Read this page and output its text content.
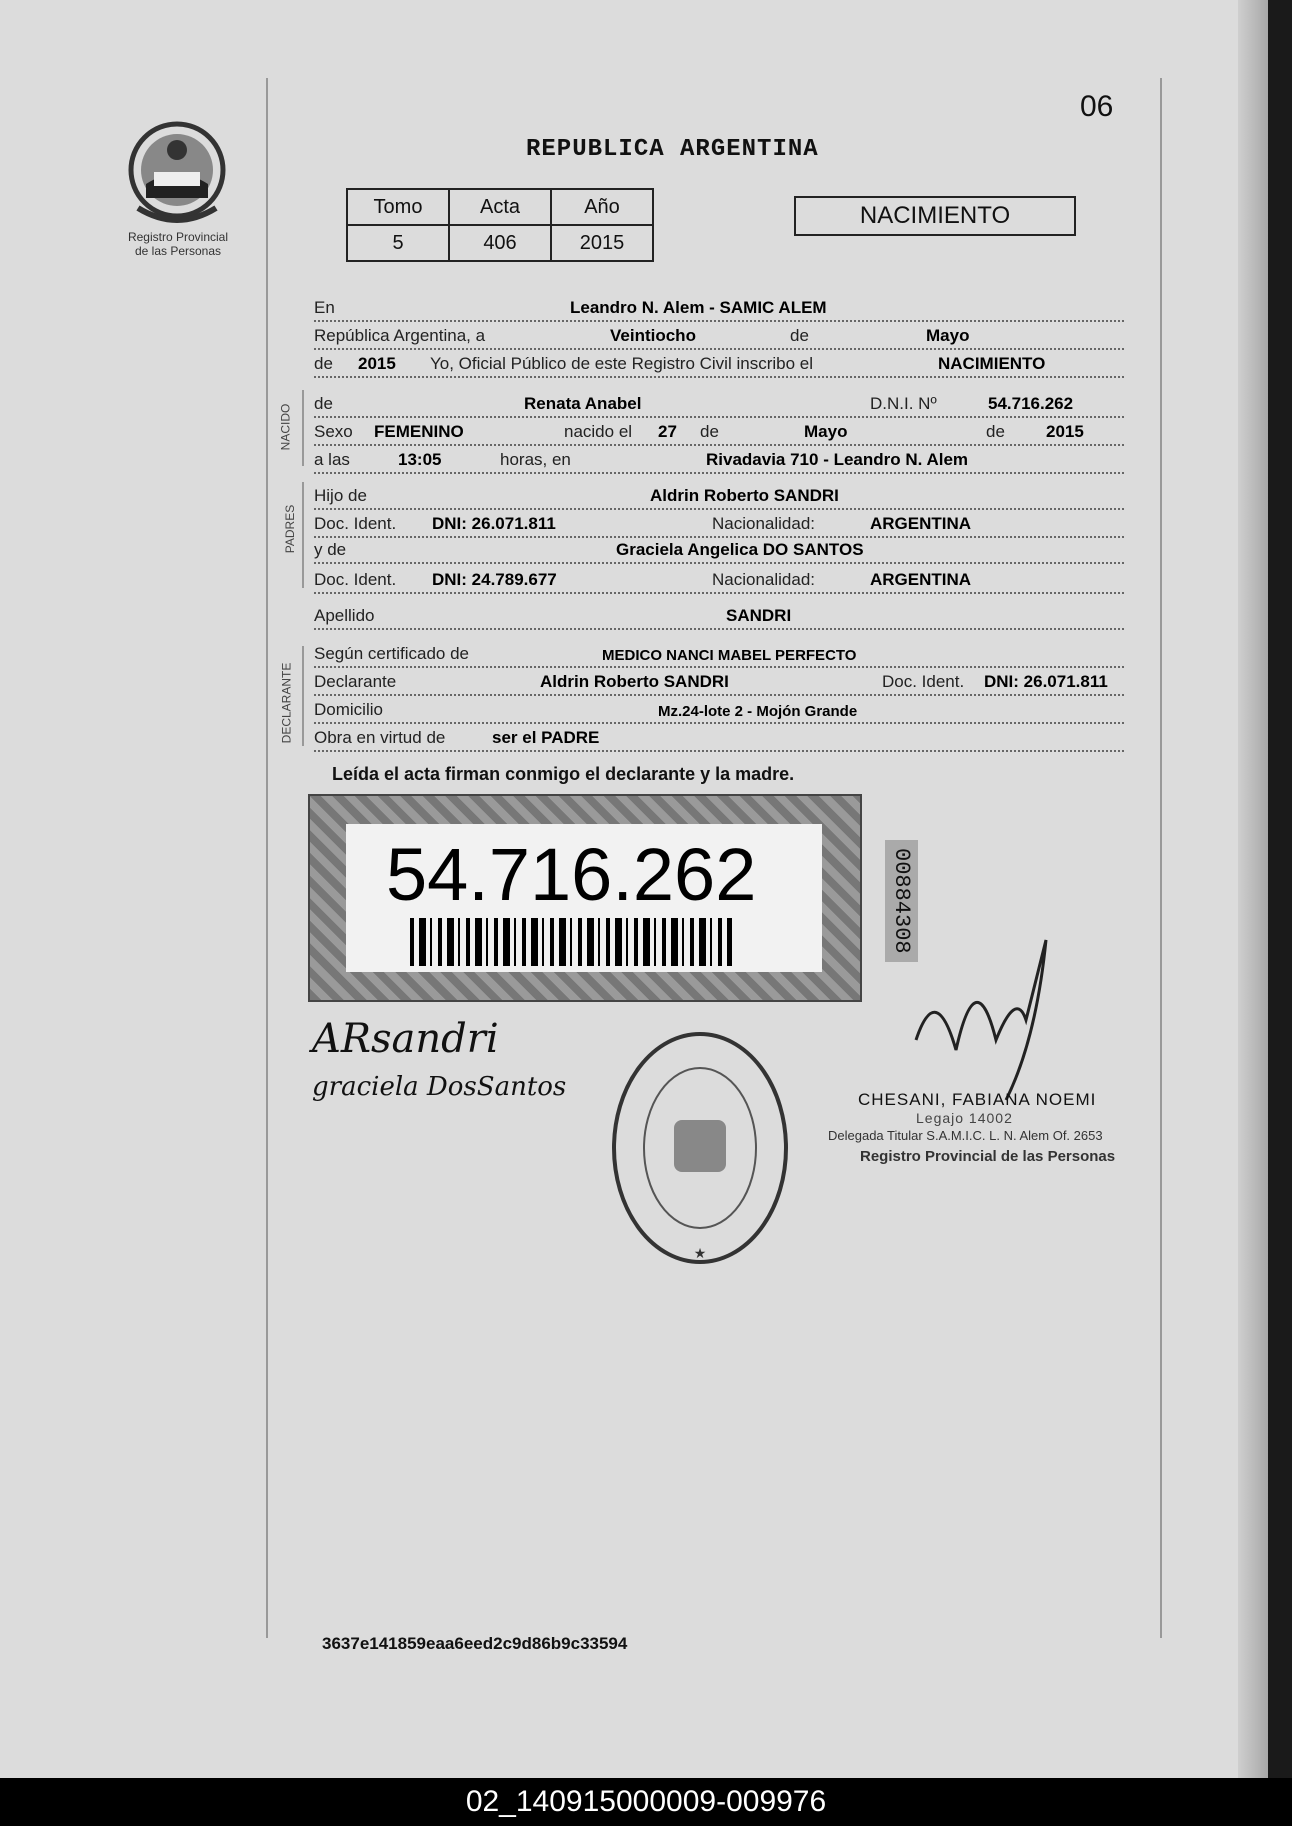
06
Registro Provincial
de las Personas
REPUBLICA ARGENTINA
Tomo	Acta	Año
5	406	2015
NACIMIENTO
En	Leandro N. Alem - SAMIC ALEM
República Argentina, a	Veintiocho	de	Mayo
de 2015 Yo, Oficial Público de este Registro Civil inscribo el	NACIMIENTO
de	Renata Anabel	D.N.I. Nº	54.716.262
Sexo FEMENINO	nacido el 27 de	Mayo	de 2015
a las	13:05	horas, en	Rivadavia 710 - Leandro N. Alem
NACIDO
Hijo de	Aldrin Roberto SANDRI
Doc. Ident. DNI: 26.071.811	Nacionalidad:	ARGENTINA
y de	Graciela Angelica DO SANTOS
Doc. Ident. DNI: 24.789.677	Nacionalidad:	ARGENTINA
PADRES
Apellido	SANDRI
Según certificado de	MEDICO NANCI MABEL PERFECTO
Declarante	Aldrin Roberto SANDRI	Doc. Ident. DNI: 26.071.811
Domicilio	Mz.24-lote 2 - Mojón Grande
Obra en virtud de	ser el PADRE
DECLARANTE
Leída el acta firman conmigo el declarante y la madre.
54.716.262	00884308
ARsandri
graciela DosSantos
★
CHESANI, FABIANA NOEMI
Legajo 14002
Delegada Titular S.A.M.I.C. L. N. Alem Of. 2653
Registro Provincial de las Personas
3637e141859eaa6eed2c9d86b9c33594
02_140915000009-009976
